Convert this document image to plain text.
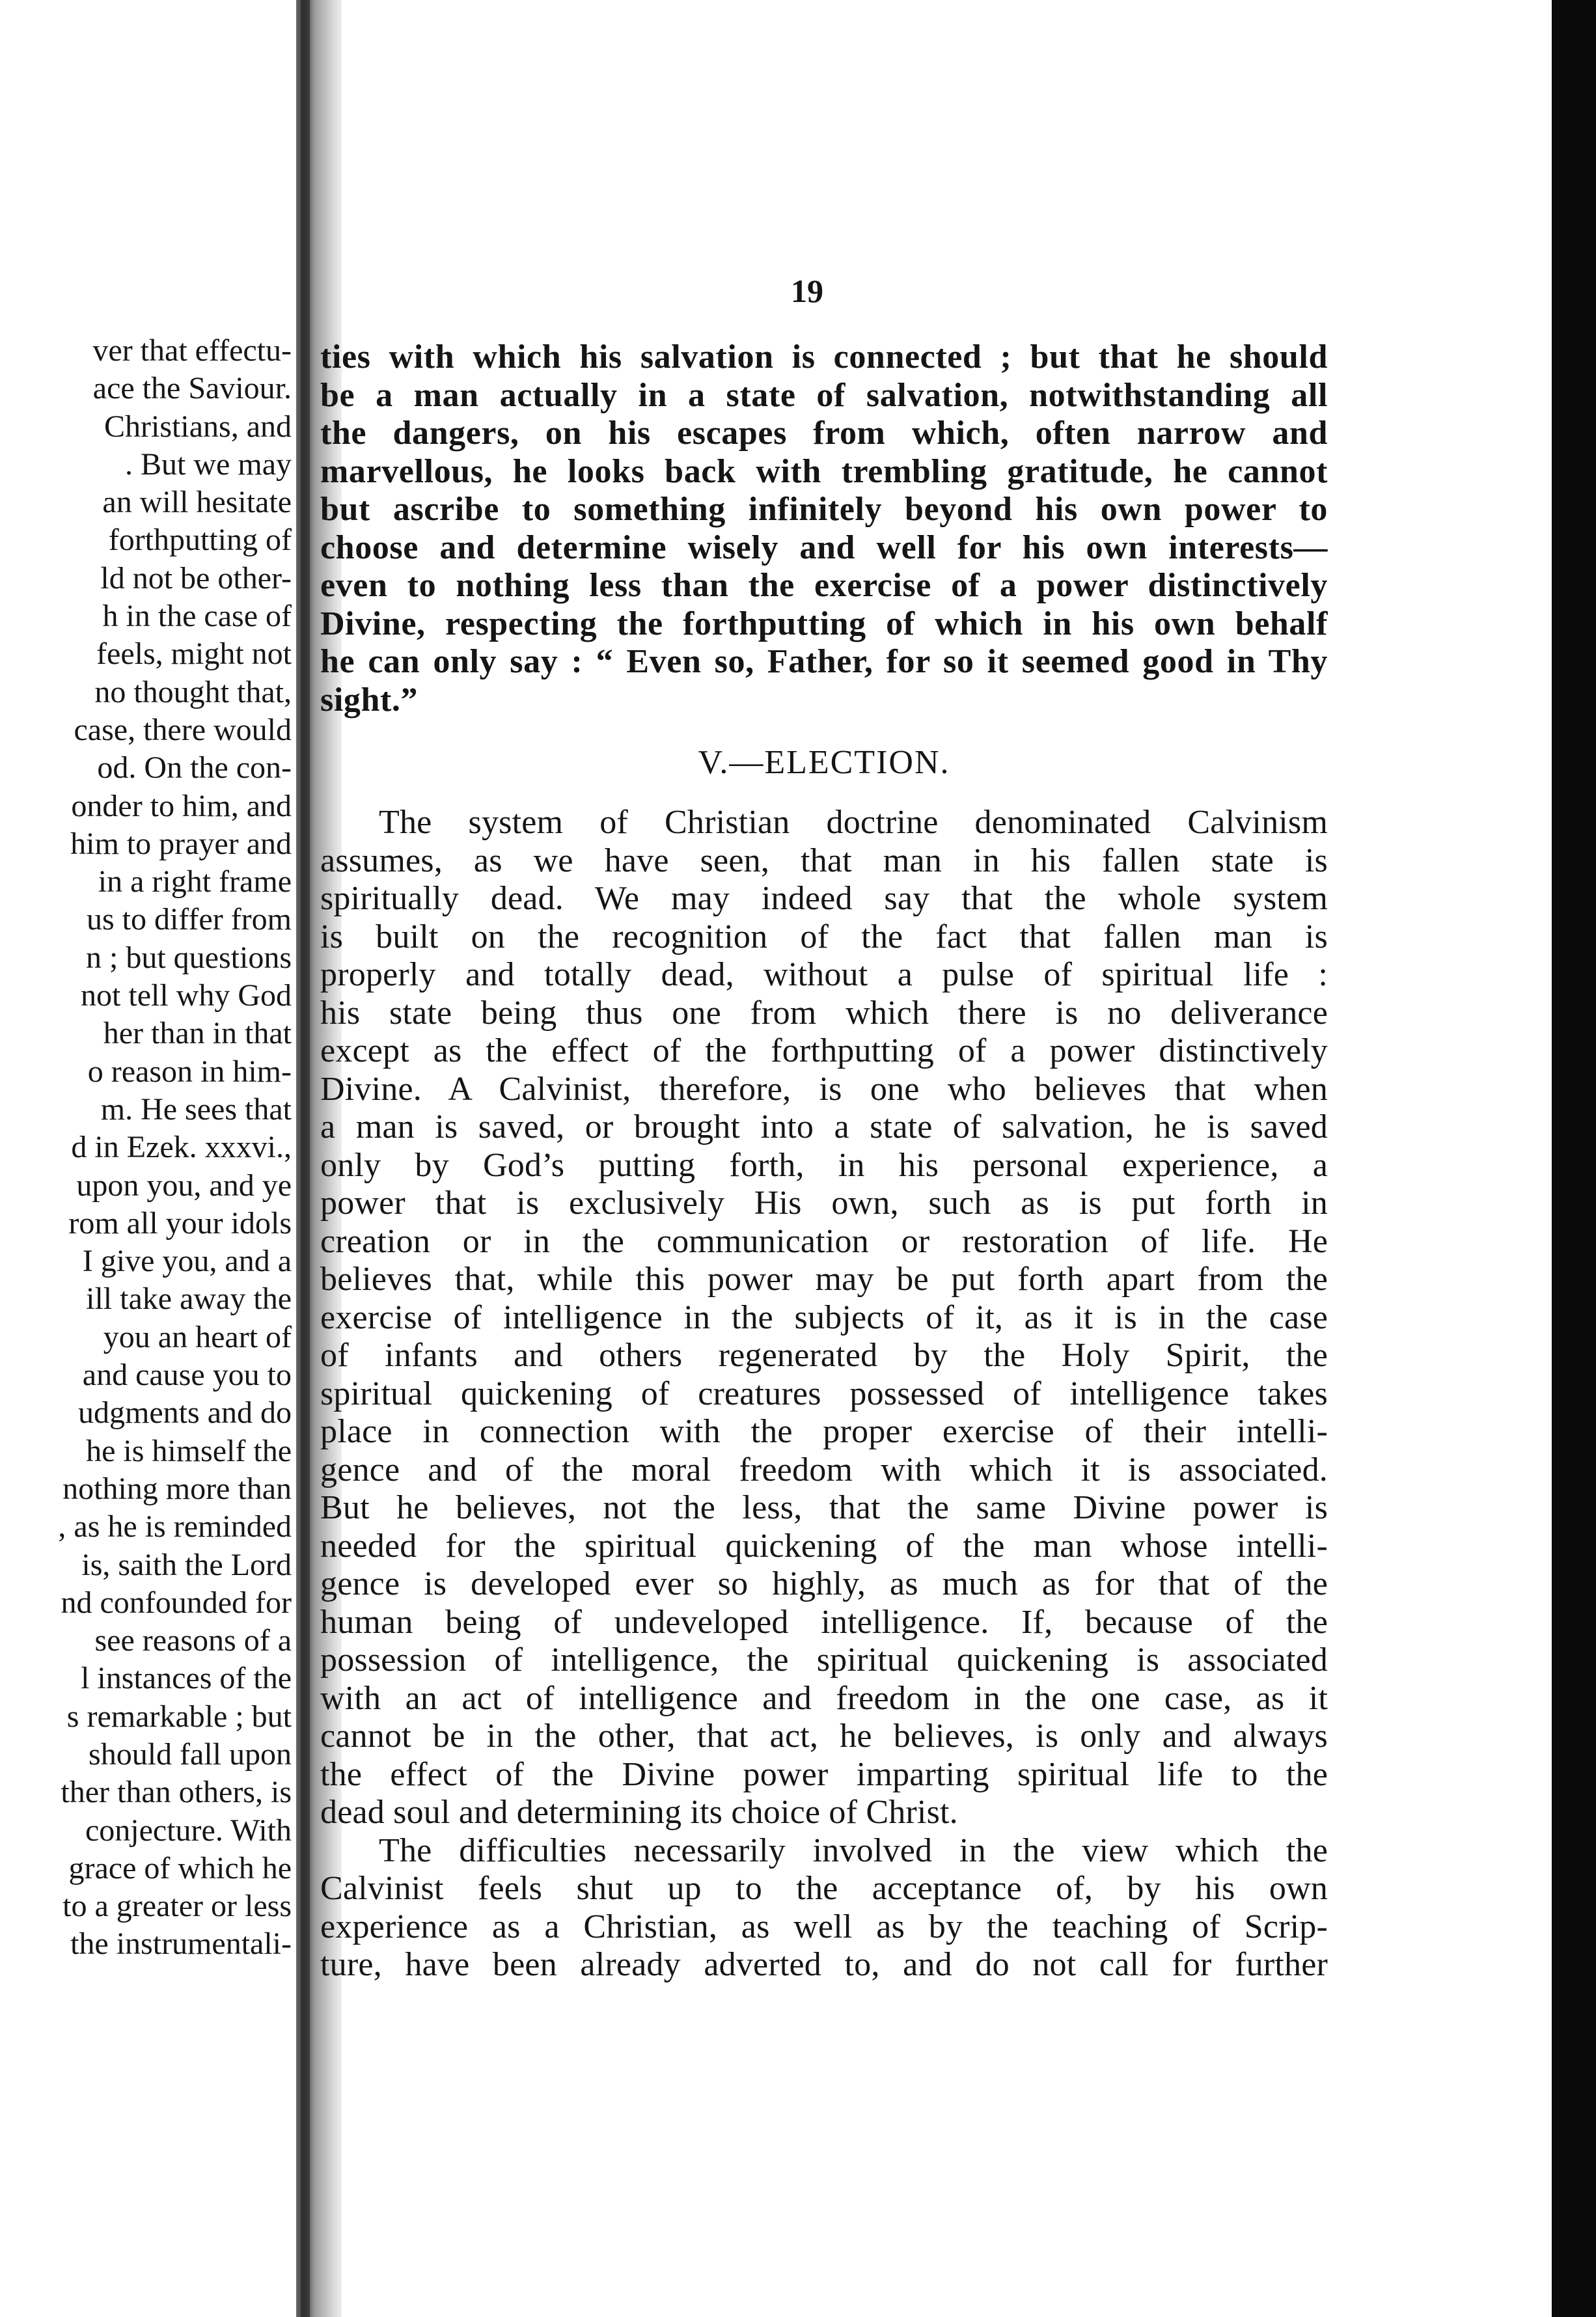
ver that effectu-
ace the Saviour.
Christians, and
. But we may
an will hesitate
forthputting of
ld not be other-
h in the case of
feels, might not
no thought that,
case, there would
od. On the con-
onder to him, and
him to prayer and
in a right frame
us to differ from
n ; but questions
not tell why God
her than in that
o reason in him-
m. He sees that
d in Ezek. xxxvi.,
upon you, and ye
rom all your idols
I give you, and a
ill take away the
you an heart of
and cause you to
udgments and do
he is himself the
nothing more than
, as he is reminded
is, saith the Lord
nd confounded for
see reasons of a
l instances of the
s remarkable ; but
should fall upon
ther than others, is
conjecture. With
grace of which he
to a greater or less
the instrumentali-
19
ties with which his salvation is connected ; but that he should
be a man actually in a state of salvation, notwithstanding all
the dangers, on his escapes from which, often narrow and
marvellous, he looks back with trembling gratitude, he cannot
but ascribe to something infinitely beyond his own power to
choose and determine wisely and well for his own interests—
even to nothing less than the exercise of a power distinctively
Divine, respecting the forthputting of which in his own behalf
he can only say : “ Even so, Father, for so it seemed good in Thy
sight.”
V.—ELECTION.
The system of Christian doctrine denominated Calvinism
assumes, as we have seen, that man in his fallen state is
spiritually dead. We may indeed say that the whole system
is built on the recognition of the fact that fallen man is
properly and totally dead, without a pulse of spiritual life :
his state being thus one from which there is no deliverance
except as the effect of the forthputting of a power distinctively
Divine. A Calvinist, therefore, is one who believes that when
a man is saved, or brought into a state of salvation, he is saved
only by God’s putting forth, in his personal experience, a
power that is exclusively His own, such as is put forth in
creation or in the communication or restoration of life. He
believes that, while this power may be put forth apart from the
exercise of intelligence in the subjects of it, as it is in the case
of infants and others regenerated by the Holy Spirit, the
spiritual quickening of creatures possessed of intelligence takes
place in connection with the proper exercise of their intelli-
gence and of the moral freedom with which it is associated.
But he believes, not the less, that the same Divine power is
needed for the spiritual quickening of the man whose intelli-
gence is developed ever so highly, as much as for that of the
human being of undeveloped intelligence. If, because of the
possession of intelligence, the spiritual quickening is associated
with an act of intelligence and freedom in the one case, as it
cannot be in the other, that act, he believes, is only and always
the effect of the Divine power imparting spiritual life to the
dead soul and determining its choice of Christ.
The difficulties necessarily involved in the view which the
Calvinist feels shut up to the acceptance of, by his own
experience as a Christian, as well as by the teaching of Scrip-
ture, have been already adverted to, and do not call for further
